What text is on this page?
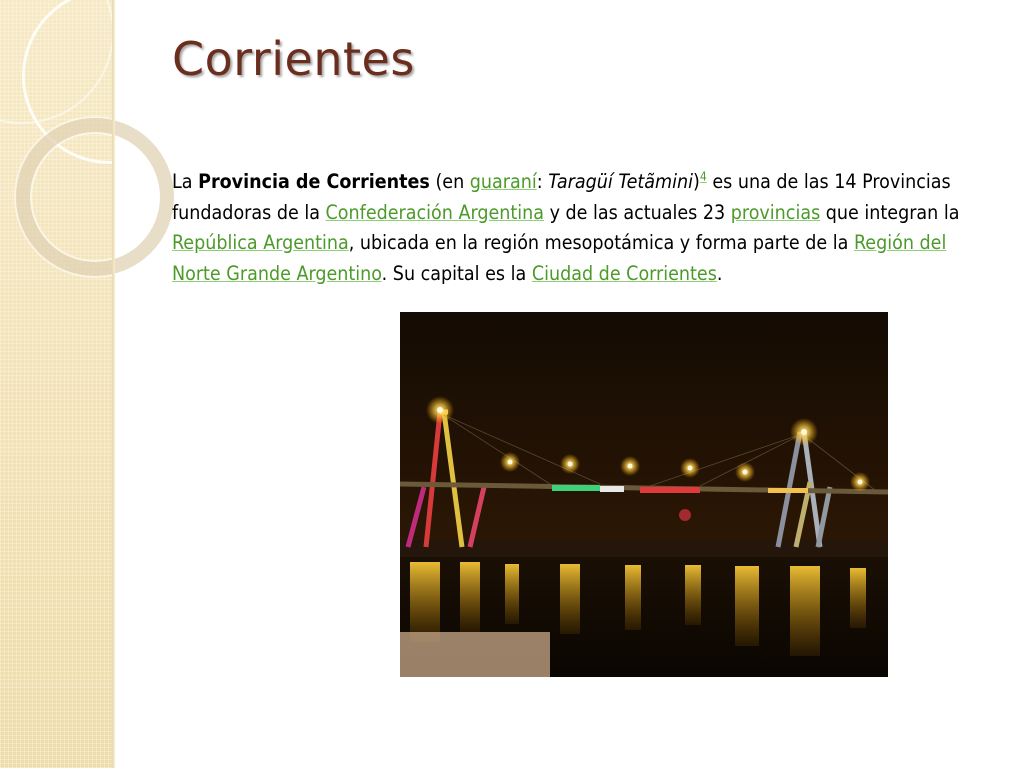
Corrientes

La Provincia de Corrientes (en guaraní: Taragüí Tetãmini)$^4$ es una de las 14 Provincias fundadoras de la Confederación Argentina y de las actuales 23 provincias que integran la República Argentina, ubicada en la región mesopotámica y forma parte de la Región del Norte Grande Argentino. Su capital es la Ciudad de Corrientes.
